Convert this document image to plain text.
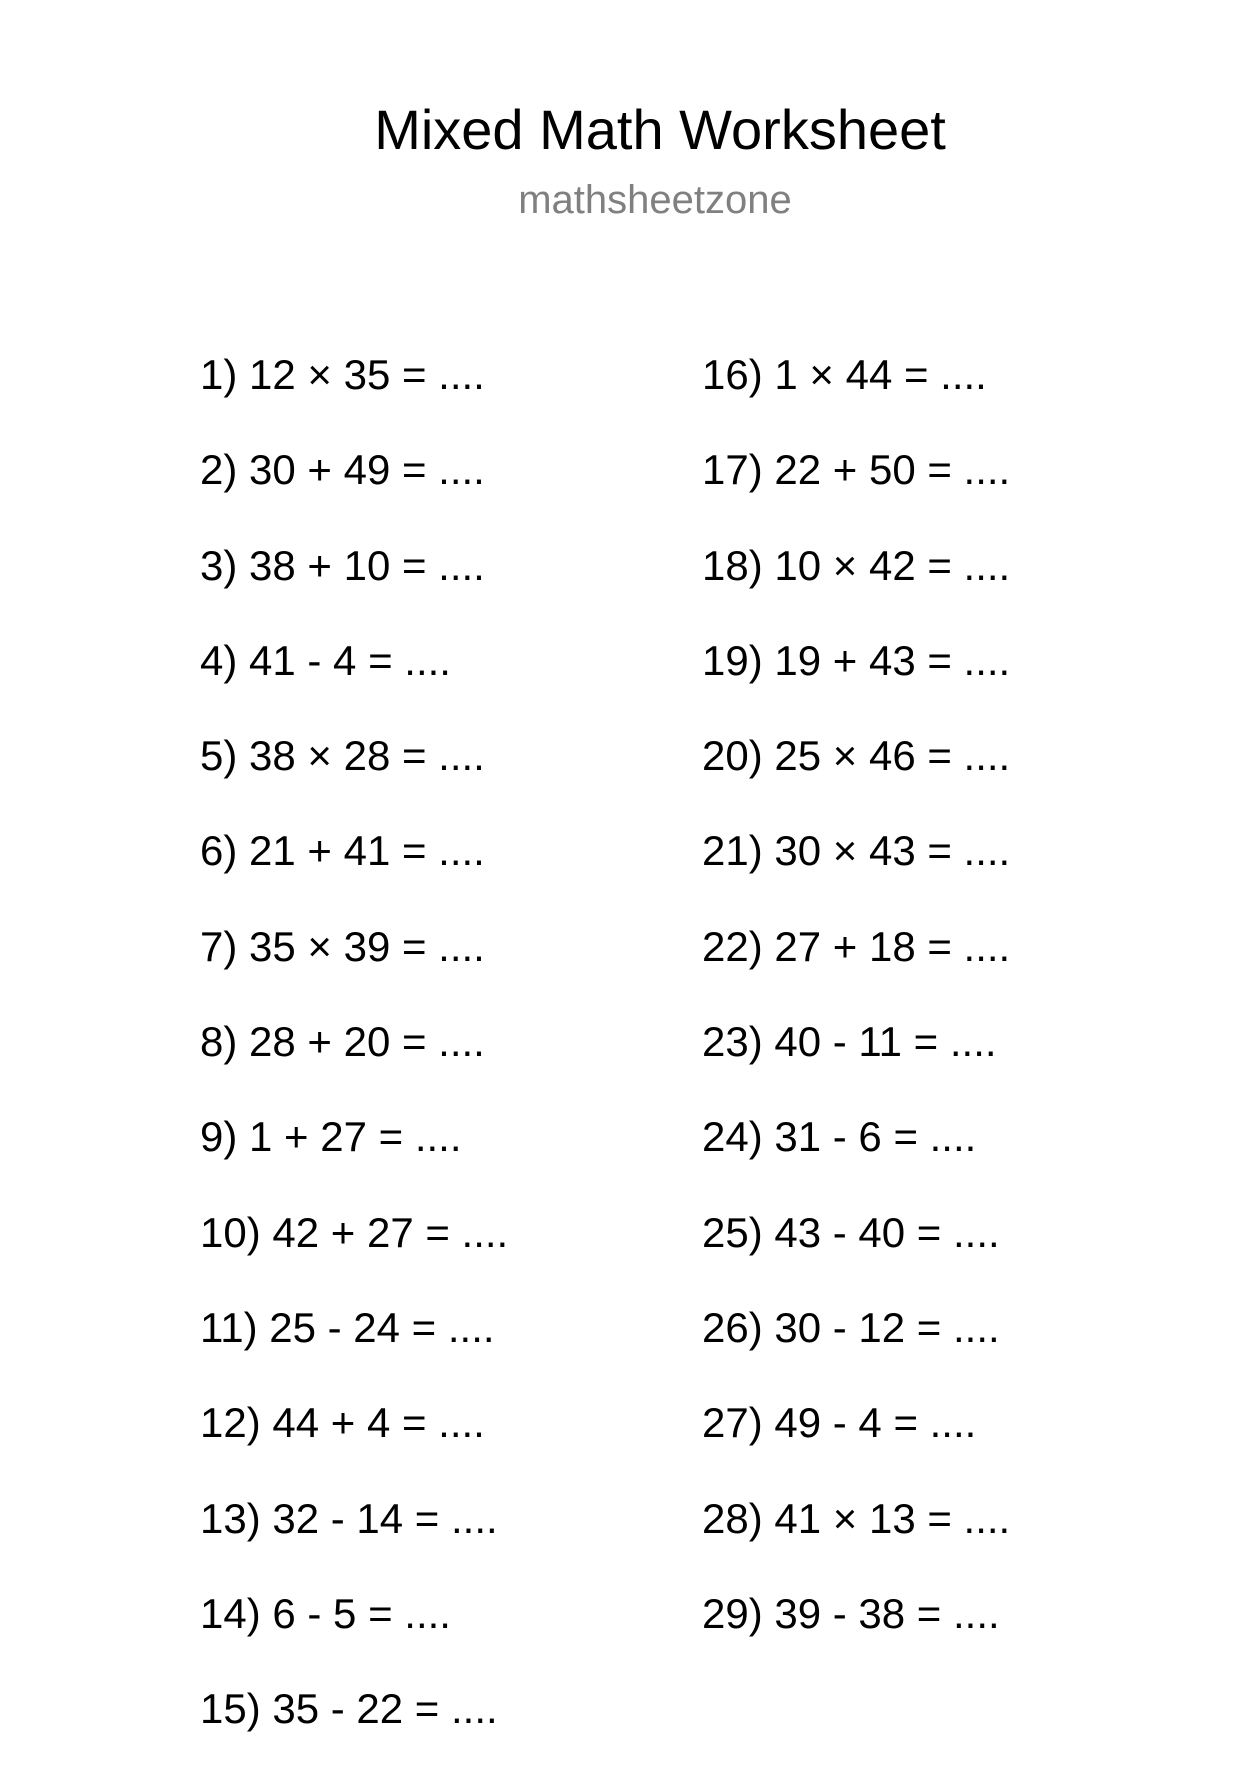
Mixed Math Worksheet
mathsheetzone
1) 12 × 35 = ....
2) 30 + 49 = ....
3) 38 + 10 = ....
4) 41 - 4 = ....
5) 38 × 28 = ....
6) 21 + 41 = ....
7) 35 × 39 = ....
8) 28 + 20 = ....
9) 1 + 27 = ....
10) 42 + 27 = ....
11) 25 - 24 = ....
12) 44 + 4 = ....
13) 32 - 14 = ....
14) 6 - 5 = ....
15) 35 - 22 = ....
16) 1 × 44 = ....
17) 22 + 50 = ....
18) 10 × 42 = ....
19) 19 + 43 = ....
20) 25 × 46 = ....
21) 30 × 43 = ....
22) 27 + 18 = ....
23) 40 - 11 = ....
24) 31 - 6 = ....
25) 43 - 40 = ....
26) 30 - 12 = ....
27) 49 - 4 = ....
28) 41 × 13 = ....
29) 39 - 38 = ....
